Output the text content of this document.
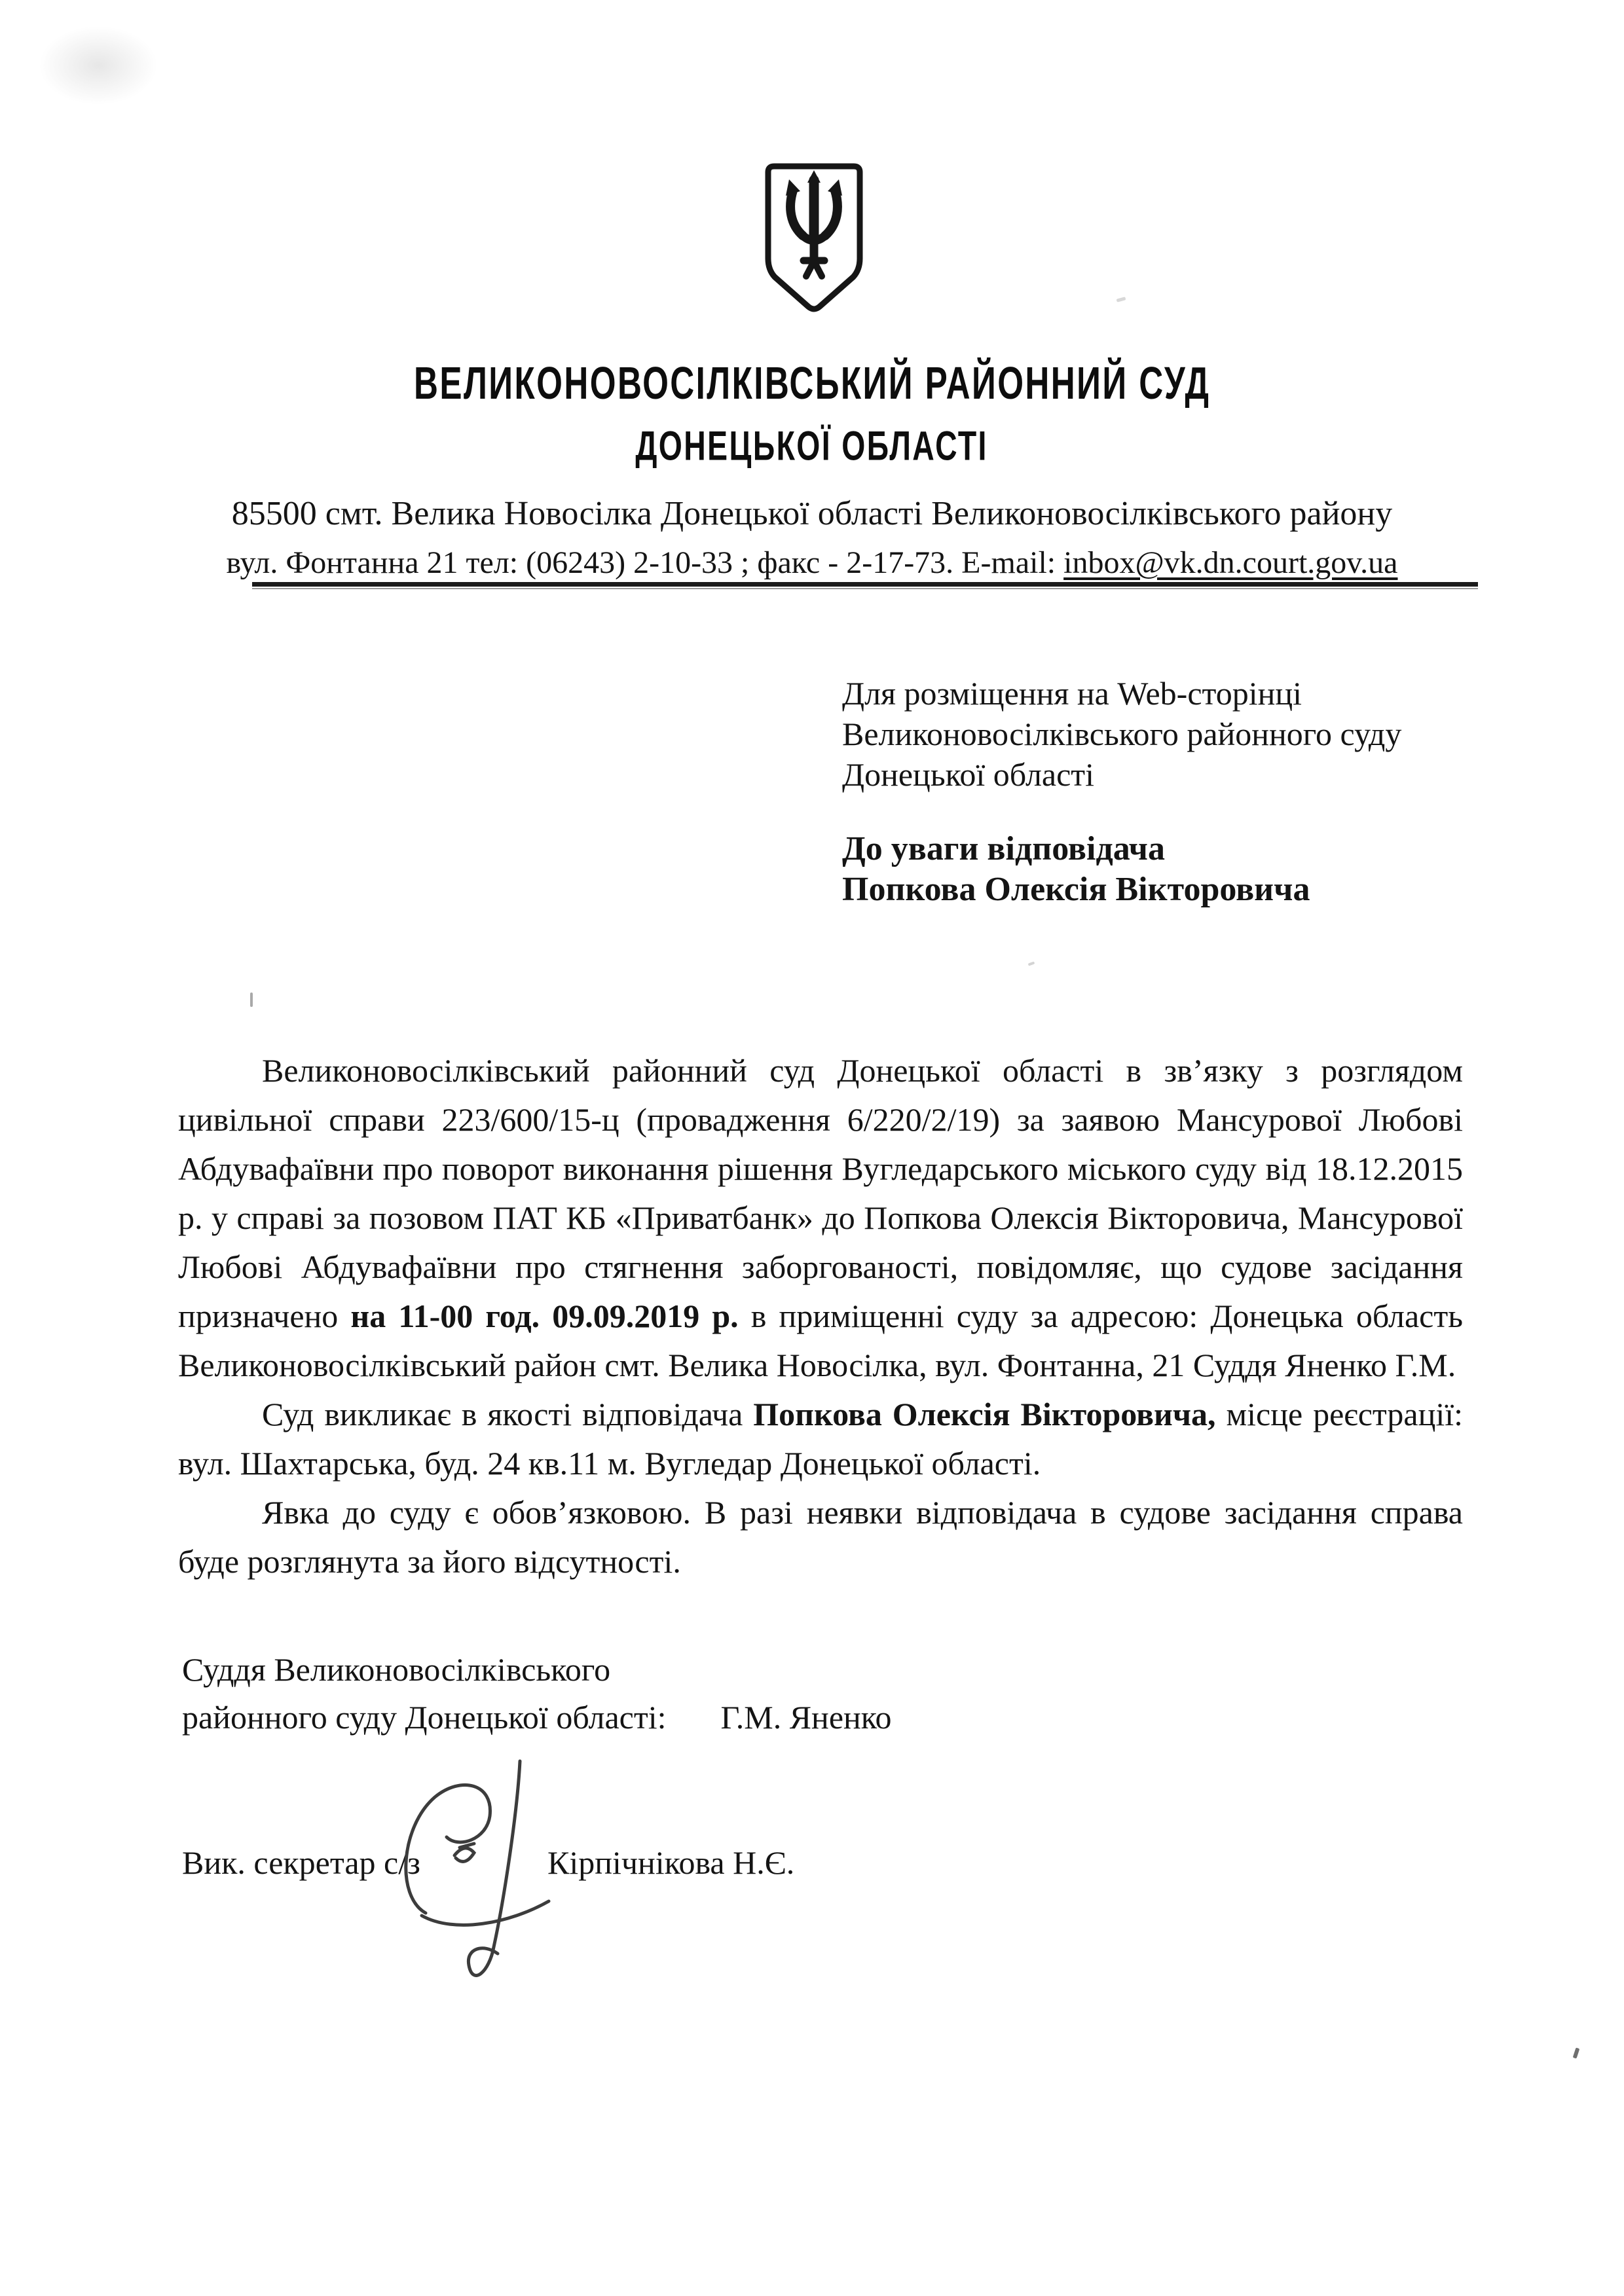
ВЕЛИКОНОВОСІЛКІВСЬКИЙ РАЙОННИЙ СУД
ДОНЕЦЬКОЇ ОБЛАСТІ
85500 смт. Велика Новосілка Донецької області Великоновосілківського району
вул. Фонтанна 21 тел: (06243) 2-10-33 ; факс - 2-17-73. E-mail: inbox@vk.dn.court.gov.ua
Для розміщення на Web-сторінці
Великоновосілківського районного суду
Донецької області
До уваги відповідача
Попкова Олексія Вікторовича

Великоновосілківський районний суд Донецької області в зв’язку з розглядом цивільної справи 223/600/15-ц (провадження 6/220/2/19) за заявою Мансурової Любові Абдувафаївни про поворот виконання рішення Вугледарського міського суду від 18.12.2015 р. у справі за позовом ПАТ КБ «Приватбанк» до Попкова Олексія Вікторовича, Мансурової Любові Абдувафаївни про стягнення заборгованості, повідомляє, що судове засідання призначено на 11-00 год. 09.09.2019 р. в приміщенні суду за адресою: Донецька область Великоновосілківський район смт. Велика Новосілка, вул. Фонтанна, 21 Суддя Яненко Г.М.

Суд викликає в якості відповідача Попкова Олексія Вікторовича, місце реєстрації: вул. Шахтарська, буд. 24 кв.11 м. Вугледар Донецької області.

Явка до суду є обов’язковою. В разі неявки відповідача в судове засідання справа буде розглянута за його відсутності.

Суддя Великоновосілківського
районного суду Донецької області: Г.М. Яненко
Вик. секретар с/з	Кірпічнікова Н.Є.
